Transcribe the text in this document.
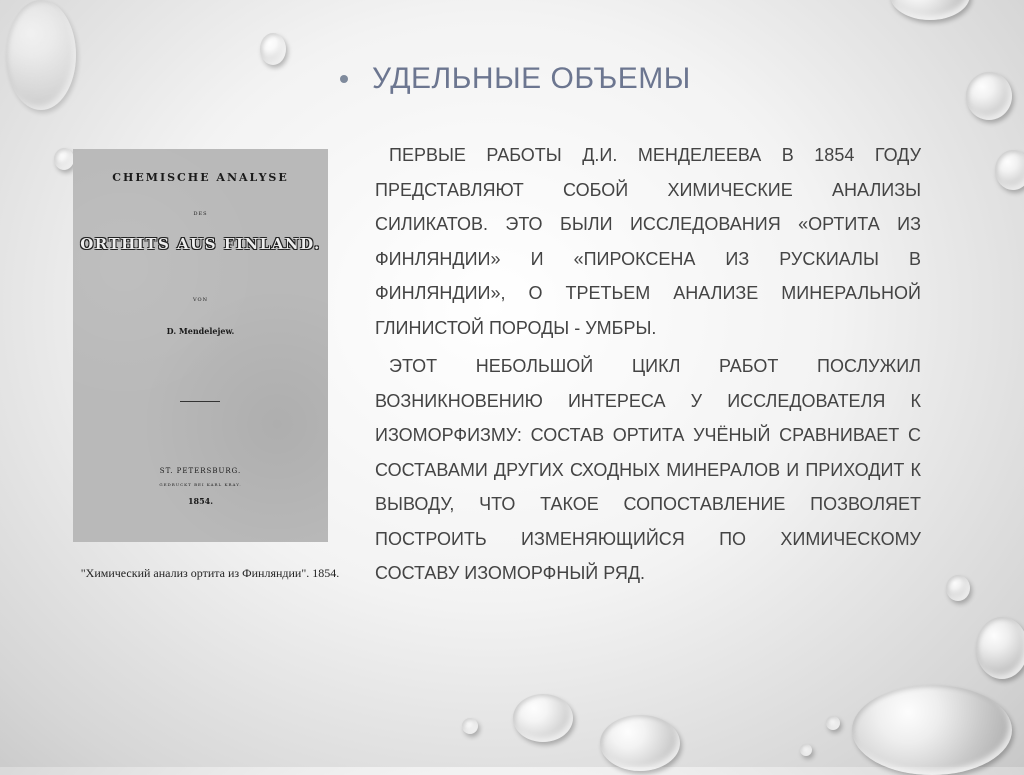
УДЕЛЬНЫЕ ОБЪЕМЫ
CHEMISCHE ANALYSE
DES
ORTHITS AUS FINLAND.
VON
D. Mendelejew.
ST. PETERSBURG.
GEDRUCKT BEI KARL KRAY.
1854.
"Химический анализ ортита из Финляндии". 1854.

ПЕРВЫЕ РАБОТЫ Д.И. МЕНДЕЛЕЕВА В 1854 ГОДУ ПРЕДСТАВЛЯЮТ СОБОЙ ХИМИЧЕСКИЕ АНАЛИЗЫ СИЛИКАТОВ. ЭТО БЫЛИ ИССЛЕДОВАНИЯ «ОРТИТА ИЗ ФИНЛЯНДИИ» И «ПИРОКСЕНА ИЗ РУСКИАЛЫ В ФИНЛЯНДИИ», О ТРЕТЬЕМ АНАЛИЗЕ МИНЕРАЛЬНОЙ ГЛИНИСТОЙ ПОРОДЫ - УМБРЫ.

ЭТОТ НЕБОЛЬШОЙ ЦИКЛ РАБОТ ПОСЛУЖИЛ ВОЗНИКНОВЕНИЮ ИНТЕРЕСА У ИССЛЕДОВАТЕЛЯ К ИЗОМОРФИЗМУ: СОСТАВ ОРТИТА УЧЁНЫЙ СРАВНИВАЕТ С СОСТАВАМИ ДРУГИХ СХОДНЫХ МИНЕРАЛОВ И ПРИХОДИТ К ВЫВОДУ, ЧТО ТАКОЕ СОПОСТАВЛЕНИЕ ПОЗВОЛЯЕТ ПОСТРОИТЬ ИЗМЕНЯЮЩИЙСЯ ПО ХИМИЧЕСКОМУ СОСТАВУ ИЗОМОРФНЫЙ РЯД.
